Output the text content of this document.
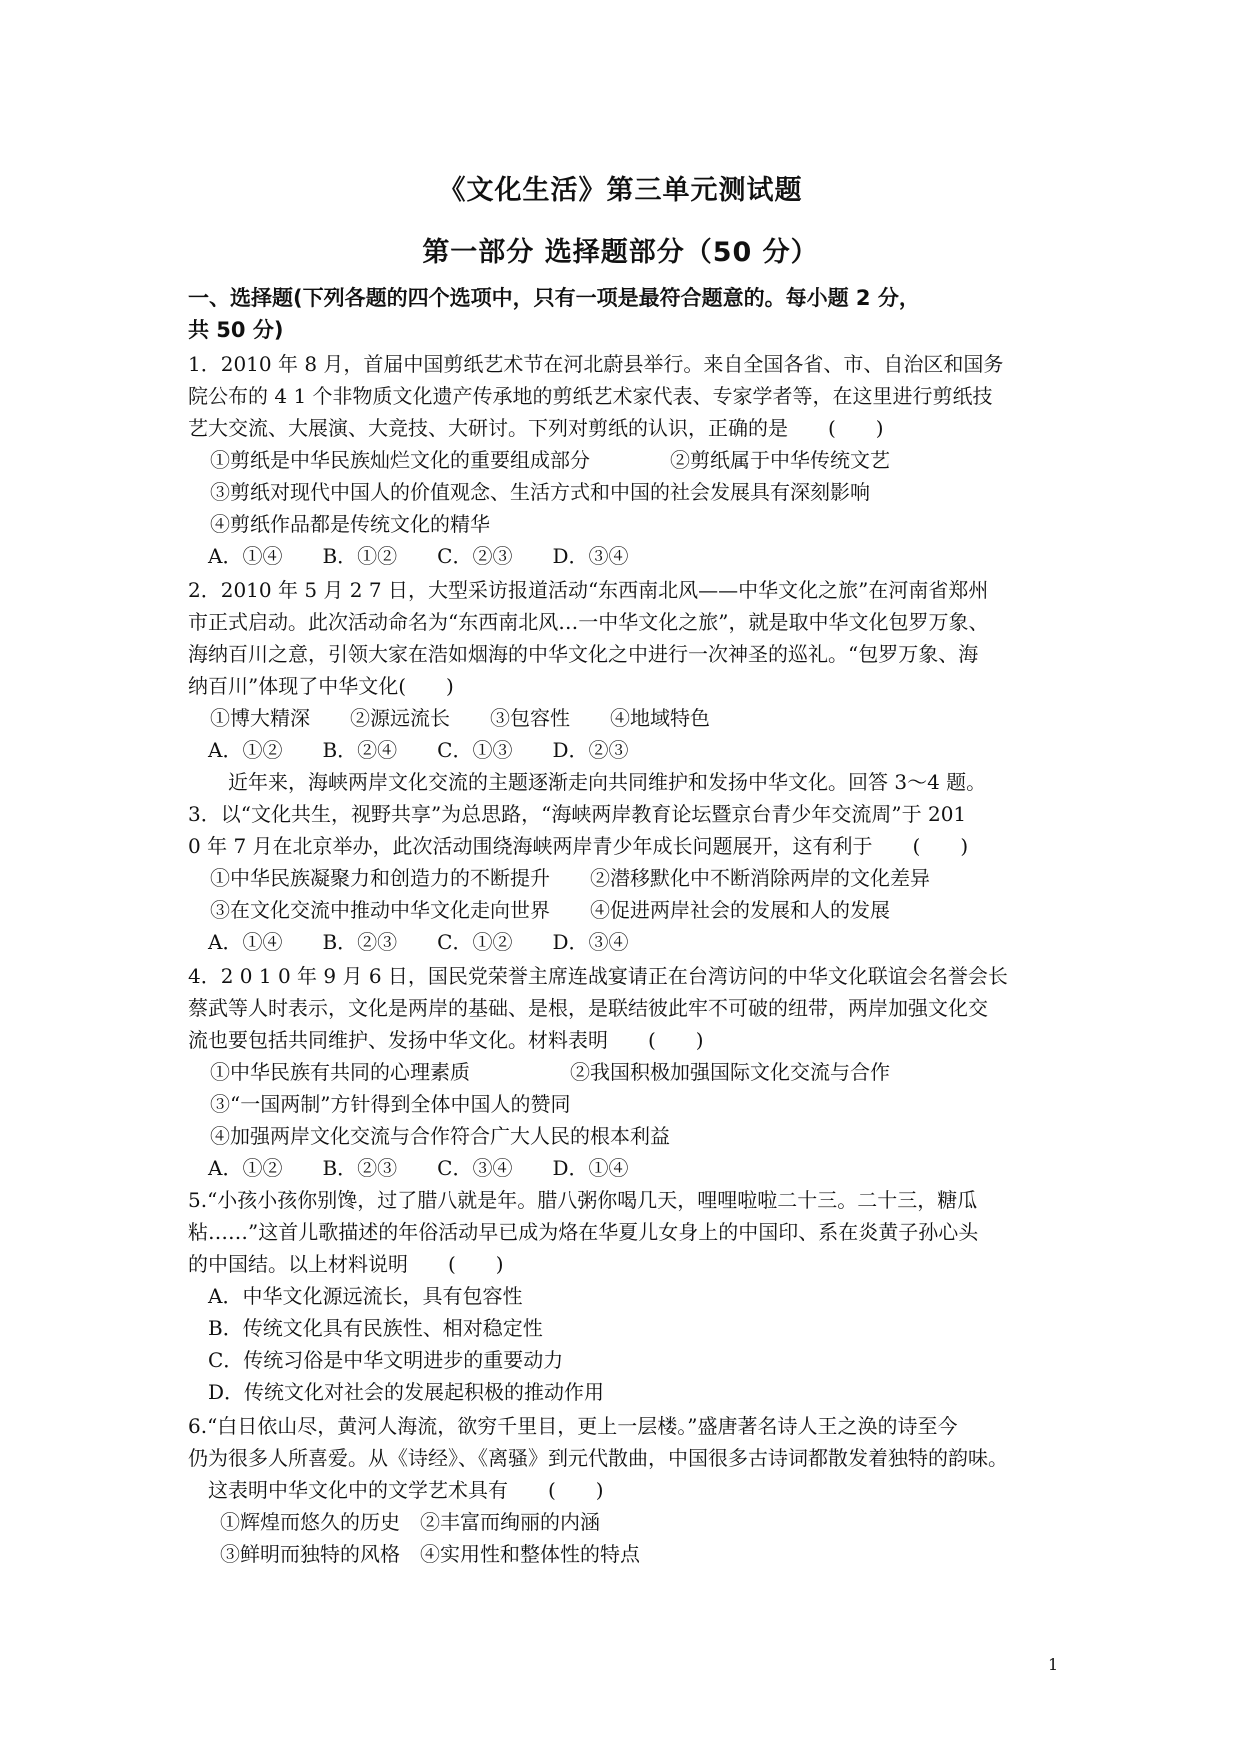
《文化生活》第三单元测试题
第一部分 选择题部分（50 分）
一、选择题(下列各题的四个选项中，只有一项是最符合题意的。每小题 2 分，
共 50 分)
1．2010 年 8 月，首届中国剪纸艺术节在河北蔚县举行。来自全国各省、市、自治区和国务
院公布的 4 1 个非物质文化遗产传承地的剪纸艺术家代表、专家学者等，在这里进行剪纸技
艺大交流、大展演、大竞技、大研讨。下列对剪纸的认识，正确的是　　(　　)
①剪纸是中华民族灿烂文化的重要组成部分　　　　②剪纸属于中华传统文艺
③剪纸对现代中国人的价值观念、生活方式和中国的社会发展具有深刻影响
④剪纸作品都是传统文化的精华
A．①④　　B．①②　　C．②③　　D．③④
2．2010 年 5 月 2 7 日，大型采访报道活动“东西南北风——中华文化之旅”在河南省郑州
市正式启动。此次活动命名为“东西南北风…一中华文化之旅”，就是取中华文化包罗万象、
海纳百川之意，引领大家在浩如烟海的中华文化之中进行一次神圣的巡礼。“包罗万象、海
纳百川”体现了中华文化(　　)
①博大精深　　②源远流长　　③包容性　　④地域特色
A．①②　　B．②④　　C．①③　　D．②③
近年来，海峡两岸文化交流的主题逐渐走向共同维护和发扬中华文化。回答 3～4 题。
3．以“文化共生，视野共享”为总思路，“海峡两岸教育论坛暨京台青少年交流周”于 201
0 年 7 月在北京举办，此次活动围绕海峡两岸青少年成长问题展开，这有利于　　(　　)
①中华民族凝聚力和创造力的不断提升　　②潜移默化中不断消除两岸的文化差异
③在文化交流中推动中华文化走向世界　　④促进两岸社会的发展和人的发展
A．①④　　B．②③　　C．①②　　D．③④
4．2 0 1 0 年 9 月 6 日，国民党荣誉主席连战宴请正在台湾访问的中华文化联谊会名誉会长
蔡武等人时表示，文化是两岸的基础、是根，是联结彼此牢不可破的纽带，两岸加强文化交
流也要包括共同维护、发扬中华文化。材料表明　　(　　)
①中华民族有共同的心理素质　　　　　②我国积极加强国际文化交流与合作
③“一国两制”方针得到全体中国人的赞同
④加强两岸文化交流与合作符合广大人民的根本利益
A．①②　　B．②③　　C．③④　　D．①④
5.“小孩小孩你别馋，过了腊八就是年。腊八粥你喝几天，哩哩啦啦二十三。二十三，糖瓜
粘……”这首儿歌描述的年俗活动早已成为烙在华夏儿女身上的中国印、系在炎黄子孙心头
的中国结。以上材料说明　　(　　)
A．中华文化源远流长，具有包容性
B．传统文化具有民族性、相对稳定性
C．传统习俗是中华文明进步的重要动力
D．传统文化对社会的发展起积极的推动作用
6.“白日依山尽，黄河人海流，欲穷千里目，更上一层楼。”盛唐著名诗人王之涣的诗至今
仍为很多人所喜爱。从《诗经》、《离骚》到元代散曲，中国很多古诗词都散发着独特的韵味。
这表明中华文化中的文学艺术具有　　(　　)
①辉煌而悠久的历史　②丰富而绚丽的内涵
③鲜明而独特的风格　④实用性和整体性的特点
1
